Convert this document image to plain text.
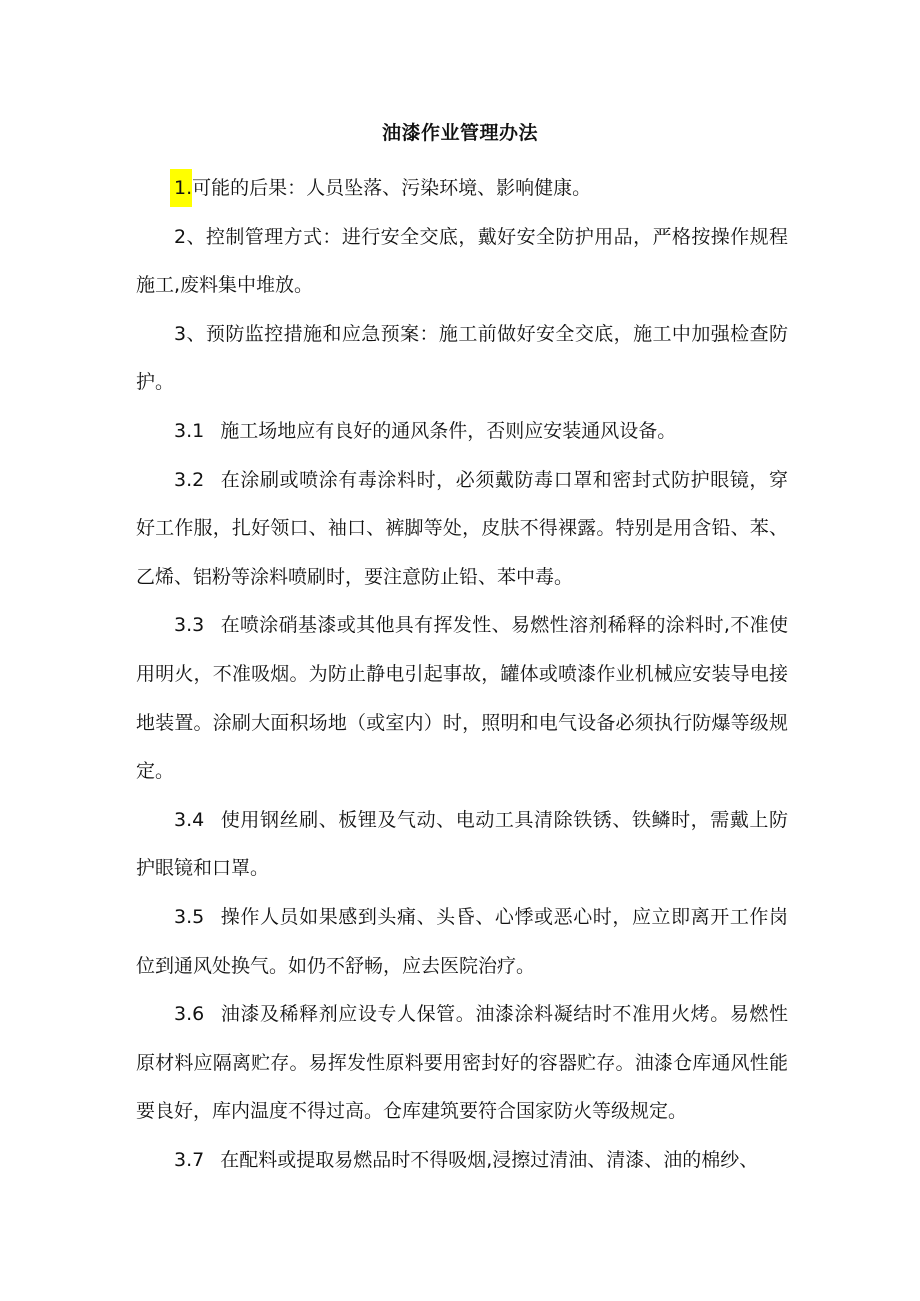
油漆作业管理办法

1.可能的后果：人员坠落、污染环境、影响健康。

2、控制管理方式：进行安全交底，戴好安全防护用品，严格按操作规程施工,废料集中堆放。

3、预防监控措施和应急预案：施工前做好安全交底，施工中加强检查防护。

3.1 施工场地应有良好的通风条件，否则应安装通风设备。

3.2 在涂刷或喷涂有毒涂料时，必须戴防毒口罩和密封式防护眼镜，穿好工作服，扎好领口、袖口、裤脚等处，皮肤不得裸露。特别是用含铅、苯、乙烯、铝粉等涂料喷刷时，要注意防止铅、苯中毒。

3.3 在喷涂硝基漆或其他具有挥发性、易燃性溶剂稀释的涂料时,不准使用明火，不准吸烟。为防止静电引起事故，罐体或喷漆作业机械应安装导电接地装置。涂刷大面积场地（或室内）时，照明和电气设备必须执行防爆等级规定。

3.4 使用钢丝刷、板锂及气动、电动工具清除铁锈、铁鳞时，需戴上防护眼镜和口罩。

3.5 操作人员如果感到头痛、头昏、心悸或恶心时，应立即离开工作岗位到通风处换气。如仍不舒畅，应去医院治疗。

3.6 油漆及稀释剂应设专人保管。油漆涂料凝结时不准用火烤。易燃性原材料应隔离贮存。易挥发性原料要用密封好的容器贮存。油漆仓库通风性能要良好，库内温度不得过高。仓库建筑要符合国家防火等级规定。

3.7 在配料或提取易燃品时不得吸烟,浸擦过清油、清漆、油的棉纱、
